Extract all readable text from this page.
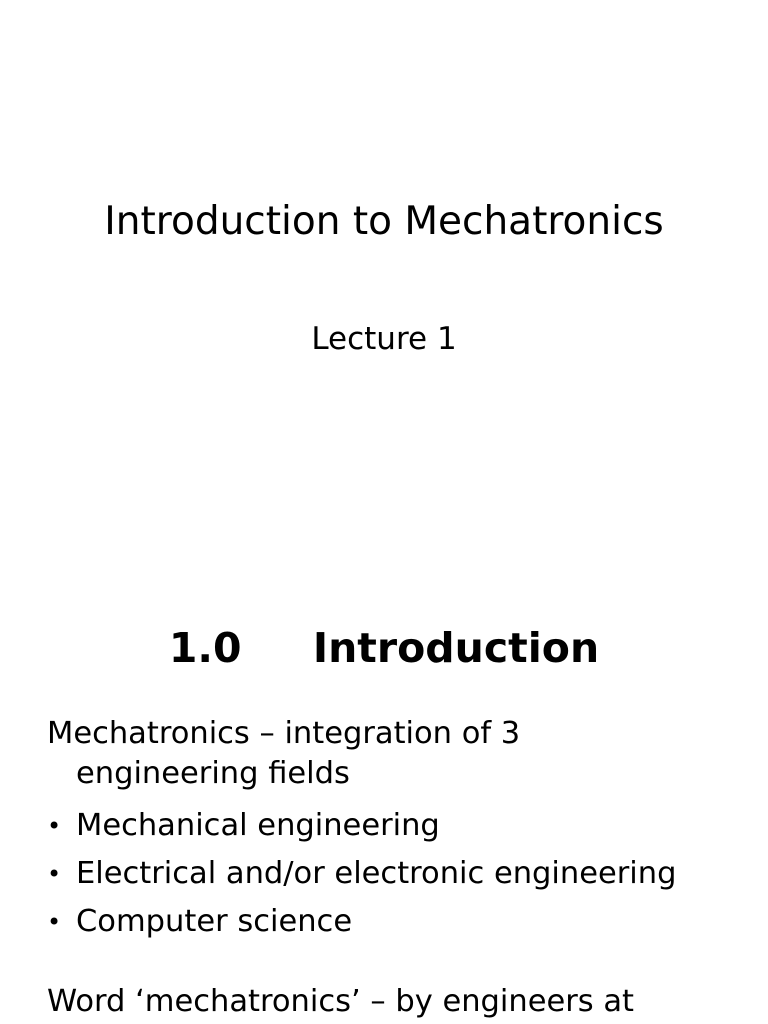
Introduction to Mechatronics
Lecture 1
1.0     Introduction
Mechatronics – integration of 3
engineering fields
• Mechanical engineering
• Electrical and/or electronic engineering
• Computer science
Word ‘mechatronics’ – by engineers at
